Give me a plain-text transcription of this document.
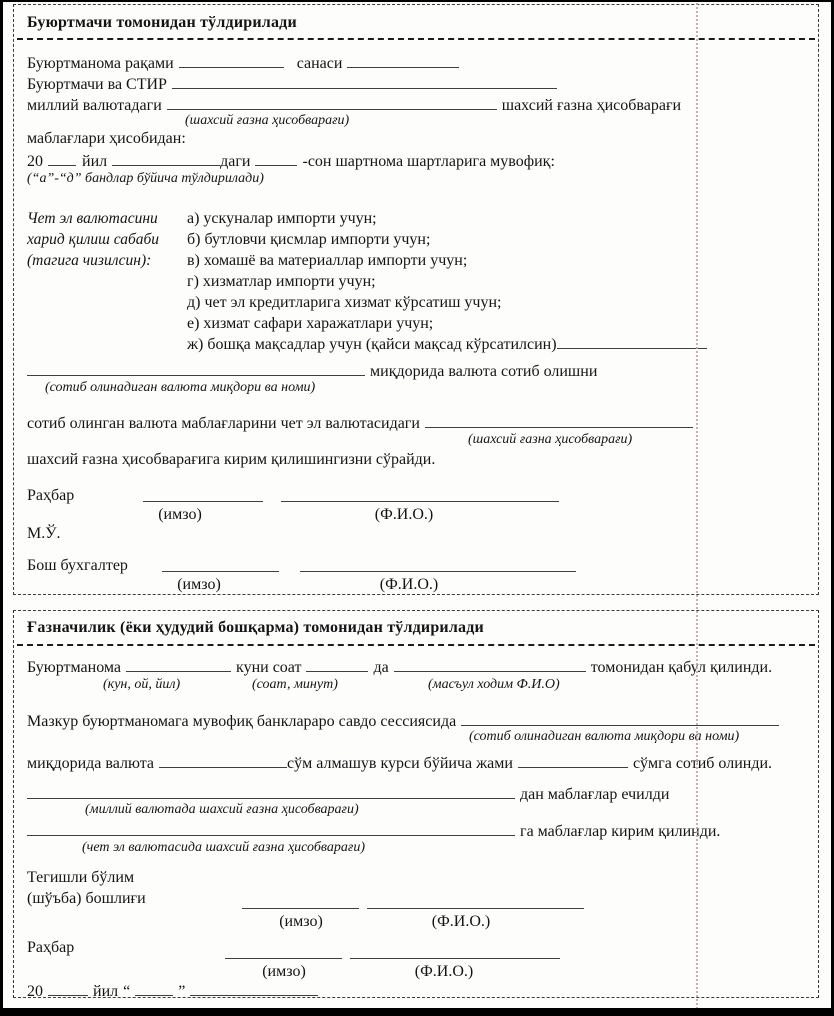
Буюртмачи томонидан тўлдирилади
Буюртманома рақами	санаси
Буюртмачи ва СТИР
миллий валютадаги	шахсий ғазна ҳисобварағи
(шахсий ғазна ҳисобварағи)
маблағлари ҳисобидан:
20 йил	даги	-сон шартнома шартларига мувофиқ:
(“а”-“д” бандлар бўйича тўлдирилади)
Чет эл валютасини
харид қилиш сабаби
(тагига чизилсин):
а) ускуналар импорти учун;
б) бутловчи қисмлар импорти учун;
в) хомашё ва материаллар импорти учун;
г) хизматлар импорти учун;
д) чет эл кредитларига хизмат кўрсатиш учун;
е) хизмат сафари харажатлари учун;
ж) бошқа мақсадлар учун (қайси мақсад кўрсатилсин)
миқдорида валюта сотиб олишни
(сотиб олинадиган валюта миқдори ва номи)
сотиб олинган валюта маблағларини чет эл валютасидаги
(шахсий ғазна ҳисобварағи)
шахсий ғазна ҳисобварағига кирим қилишингизни сўрайди.
Раҳбар
(имзо)	(Ф.И.О.)
М.Ў.
Бош бухгалтер
(имзо)	(Ф.И.О.)
Ғазначилик (ёки ҳудудий бошқарма) томонидан тўлдирилади
Буюртманома	куни соат	да	томонидан қабул қилинди.
(кун, ой, йил)	(соат, минут)	(масъул ходим Ф.И.О)
Мазкур буюртманомага мувофиқ банклараро савдо сессиясида
(сотиб олинадиган валюта миқдори ва номи)
миқдорида валюта	сўм алмашув курси бўйича жами	сўмга сотиб олинди.
дан маблағлар ечилди
(миллий валютада шахсий ғазна ҳисобварағи)
га маблағлар кирим қилинди.
(чет эл валютасида шахсий ғазна ҳисобварағи)
Тегишли бўлим
(шўъба) бошлиғи
(имзо)	(Ф.И.О.)
Раҳбар
(имзо)	(Ф.И.О.)
20	йил “	”
